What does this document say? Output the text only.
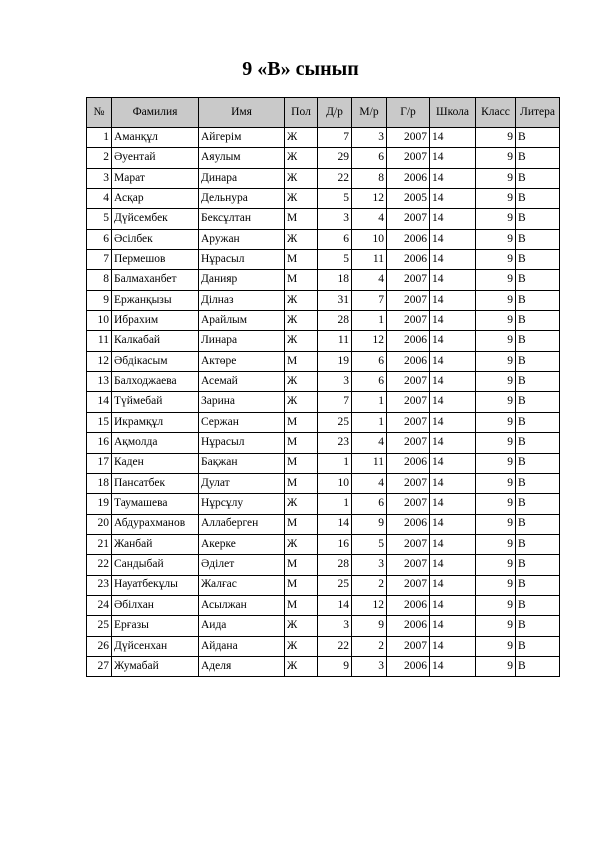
9 «В» сынып
№	Фамилия	Имя	Пол	Д/р	М/р	Г/р	Школа	Класс	Литера
1	Аманқұл	Айгерім	Ж	7	3	2007	14	9	В
2	Әуентай	Аяулым	Ж	29	6	2007	14	9	В
3	Марат	Динара	Ж	22	8	2006	14	9	В
4	Асқар	Дельнура	Ж	5	12	2005	14	9	В
5	Дүйсембек	Бексұлтан	М	3	4	2007	14	9	В
6	Әсілбек	Аружан	Ж	6	10	2006	14	9	В
7	Пермешов	Нұрасыл	М	5	11	2006	14	9	В
8	Балмаханбет	Данияр	М	18	4	2007	14	9	В
9	Ержанқызы	Ділназ	Ж	31	7	2007	14	9	В
10	Ибрахим	Арайлым	Ж	28	1	2007	14	9	В
11	Калкабай	Линара	Ж	11	12	2006	14	9	В
12	Әбдікасым	Актөре	М	19	6	2006	14	9	В
13	Балходжаева	Асемай	Ж	3	6	2007	14	9	В
14	Түймебай	Зарина	Ж	7	1	2007	14	9	В
15	Икрамқұл	Сержан	М	25	1	2007	14	9	В
16	Ақмолда	Нұрасыл	М	23	4	2007	14	9	В
17	Каден	Бақжан	М	1	11	2006	14	9	В
18	Пансатбек	Дулат	М	10	4	2007	14	9	В
19	Таумашева	Нұрсұлу	Ж	1	6	2007	14	9	В
20	Абдурахманов	Аллаберген	М	14	9	2006	14	9	В
21	Жанбай	Акерке	Ж	16	5	2007	14	9	В
22	Сандыбай	Әділет	М	28	3	2007	14	9	В
23	Науатбекұлы	Жалғас	М	25	2	2007	14	9	В
24	Әбілхан	Асылжан	М	14	12	2006	14	9	В
25	Ерғазы	Аида	Ж	3	9	2006	14	9	В
26	Дүйсенхан	Айдана	Ж	22	2	2007	14	9	В
27	Жумабай	Аделя	Ж	9	3	2006	14	9	В
